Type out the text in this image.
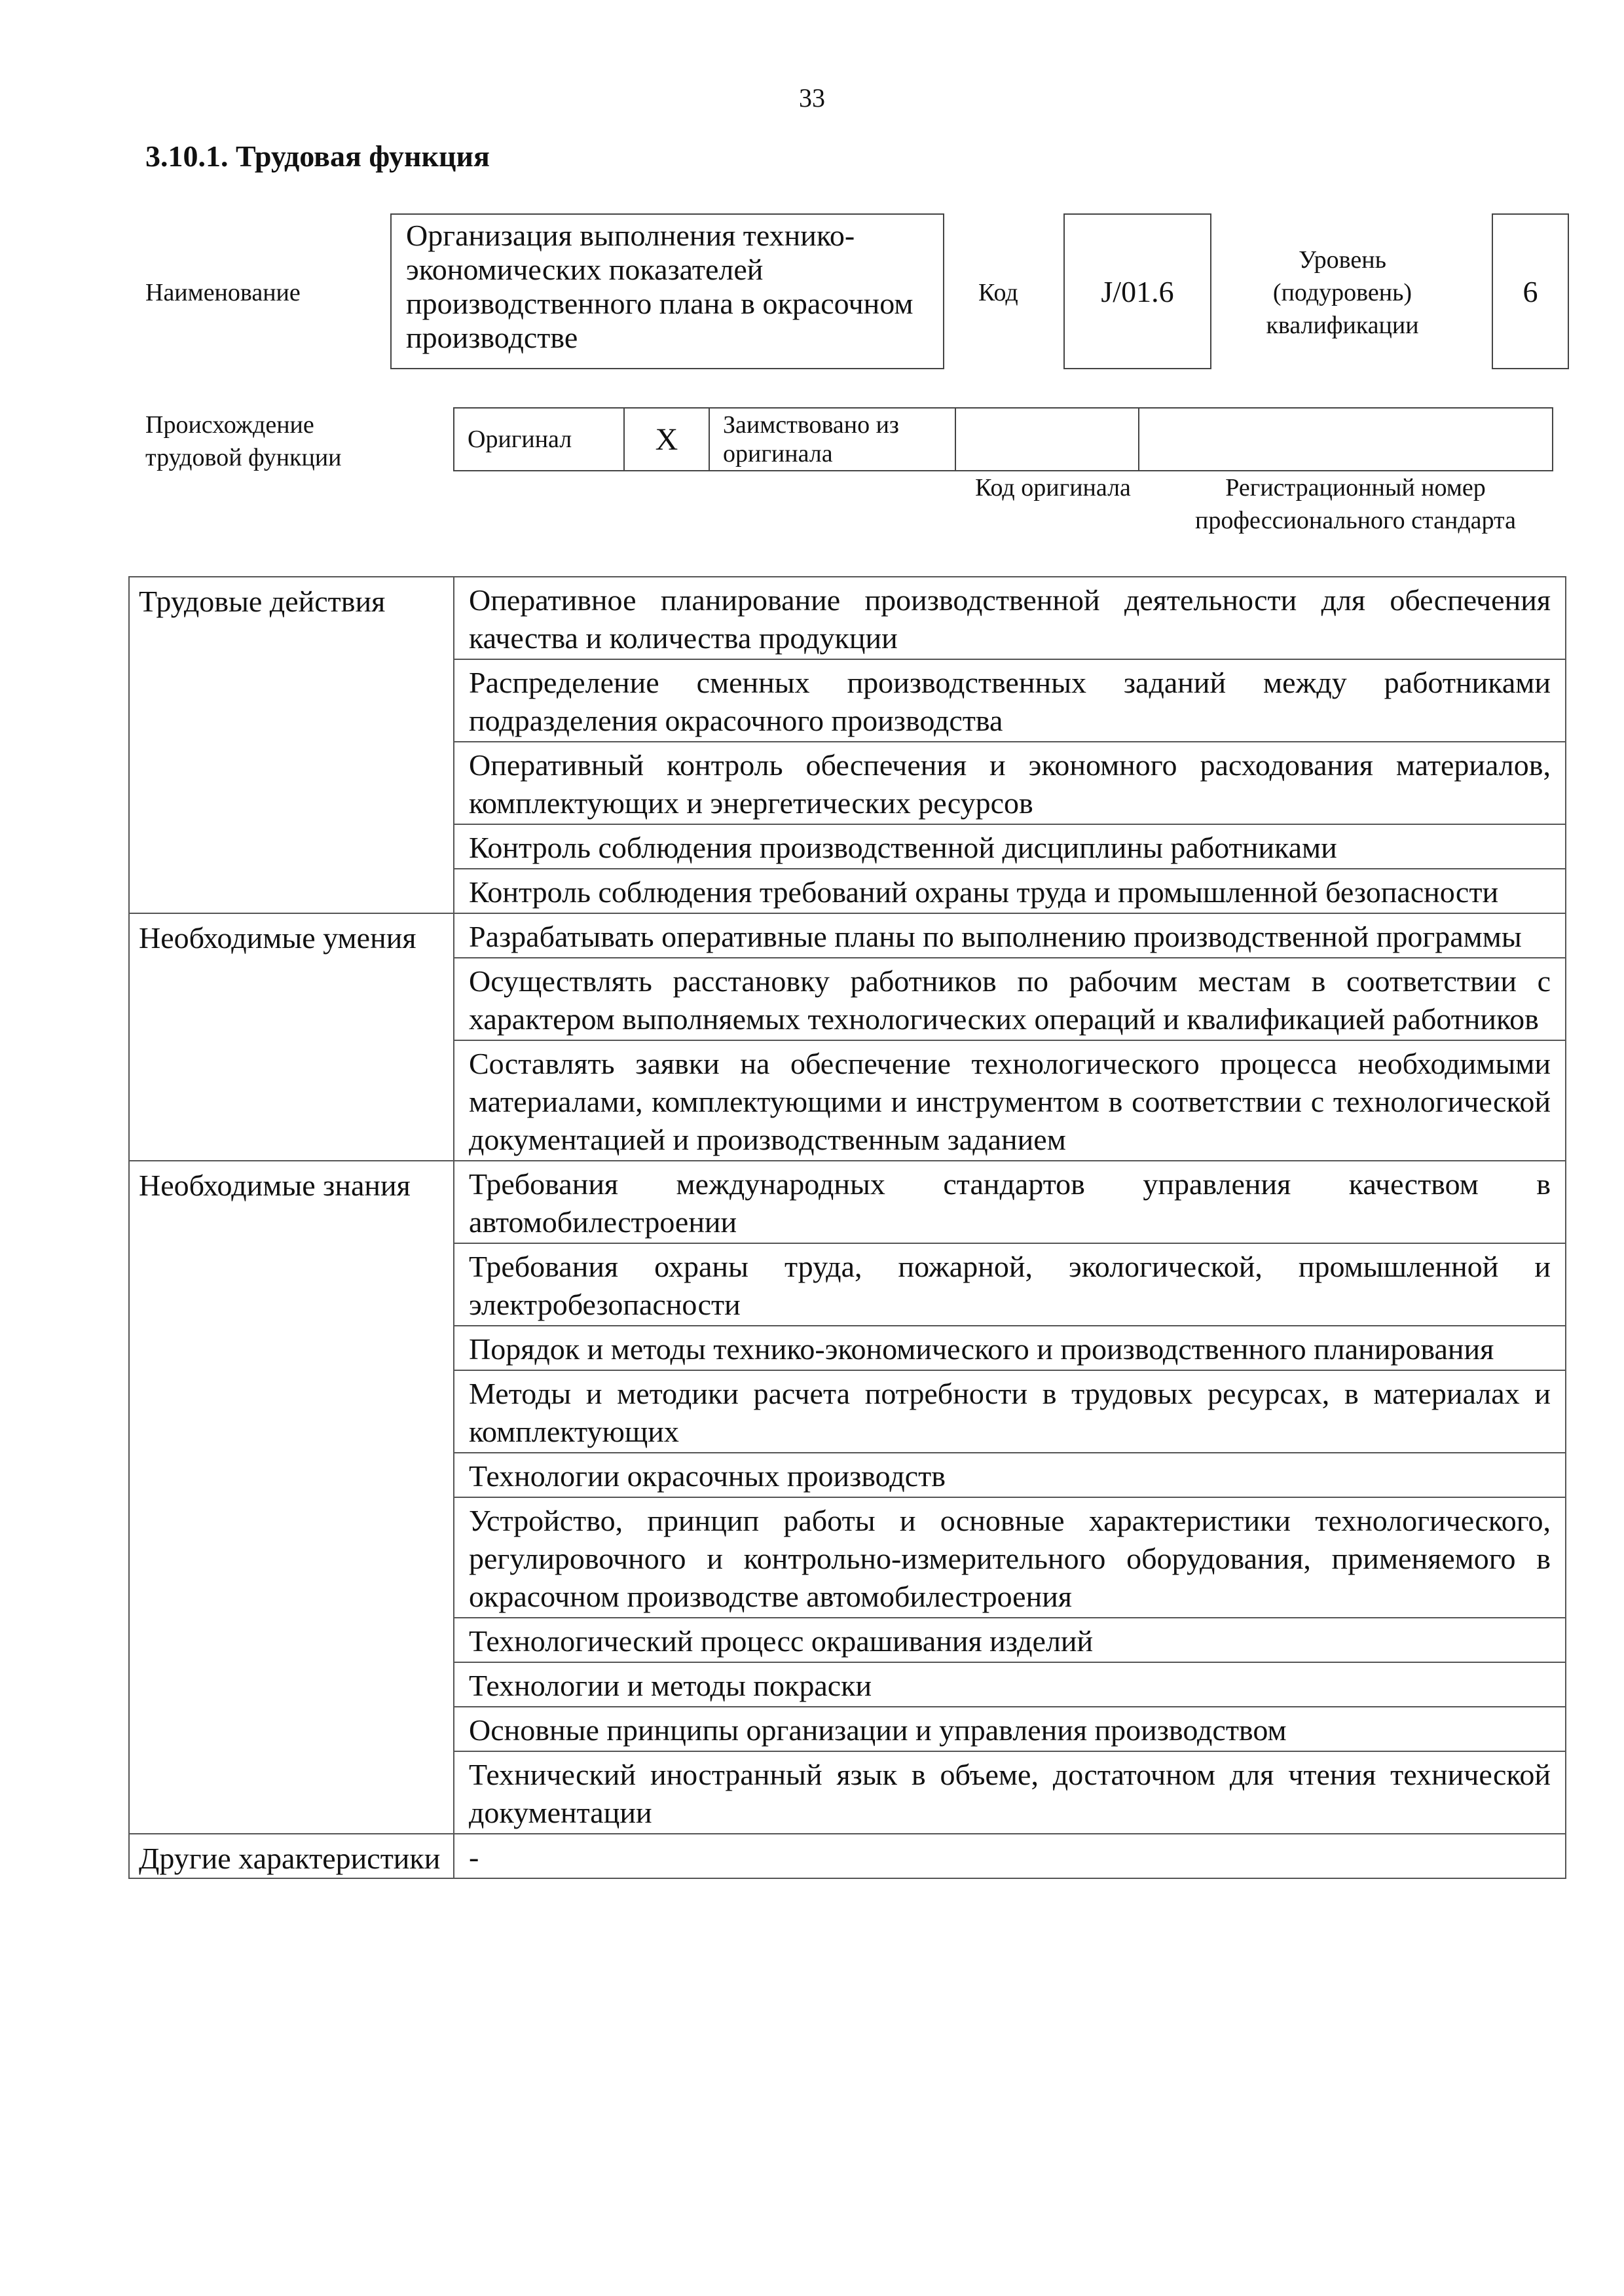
33
3.10.1. Трудовая функция
Наименование
Организация выполнения технико-экономических показателей производственного плана в окрасочном производстве
Код	J/01.6
Уровень (подуровень) квалификации
6
Происхождение трудовой функции
Оригинал	X	Заимствовано из оригинала

Код оригинала	Регистрационный номер профессионального стандарта
Трудовые действия	Оперативное планирование производственной деятельности для обеспечения качества и количества продукции
	Распределение сменных производственных заданий между работниками подразделения окрасочного производства
	Оперативный контроль обеспечения и экономного расходования материалов, комплектующих и энергетических ресурсов
	Контроль соблюдения производственной дисциплины работниками
	Контроль соблюдения требований охраны труда и промышленной безопасности
Необходимые умения	Разрабатывать оперативные планы по выполнению производственной программы
	Осуществлять расстановку работников по рабочим местам в соответствии с характером выполняемых технологических операций и квалификацией работников
	Составлять заявки на обеспечение технологического процесса необходимыми материалами, комплектующими и инструментом в соответствии с технологической документацией и производственным заданием
Необходимые знания	Требования международных стандартов управления качеством в автомобилестроении
	Требования охраны труда, пожарной, экологической, промышленной и электробезопасности
	Порядок и методы технико-экономического и производственного планирования
	Методы и методики расчета потребности в трудовых ресурсах, в материалах и комплектующих
	Технологии окрасочных производств
	Устройство, принцип работы и основные характеристики технологического, регулировочного и контрольно-измерительного оборудования, применяемого в окрасочном производстве автомобилестроения
	Технологический процесс окрашивания изделий
	Технологии и методы покраски
	Основные принципы организации и управления производством
	Технический иностранный язык в объеме, достаточном для чтения технической документации
Другие характеристики	-
